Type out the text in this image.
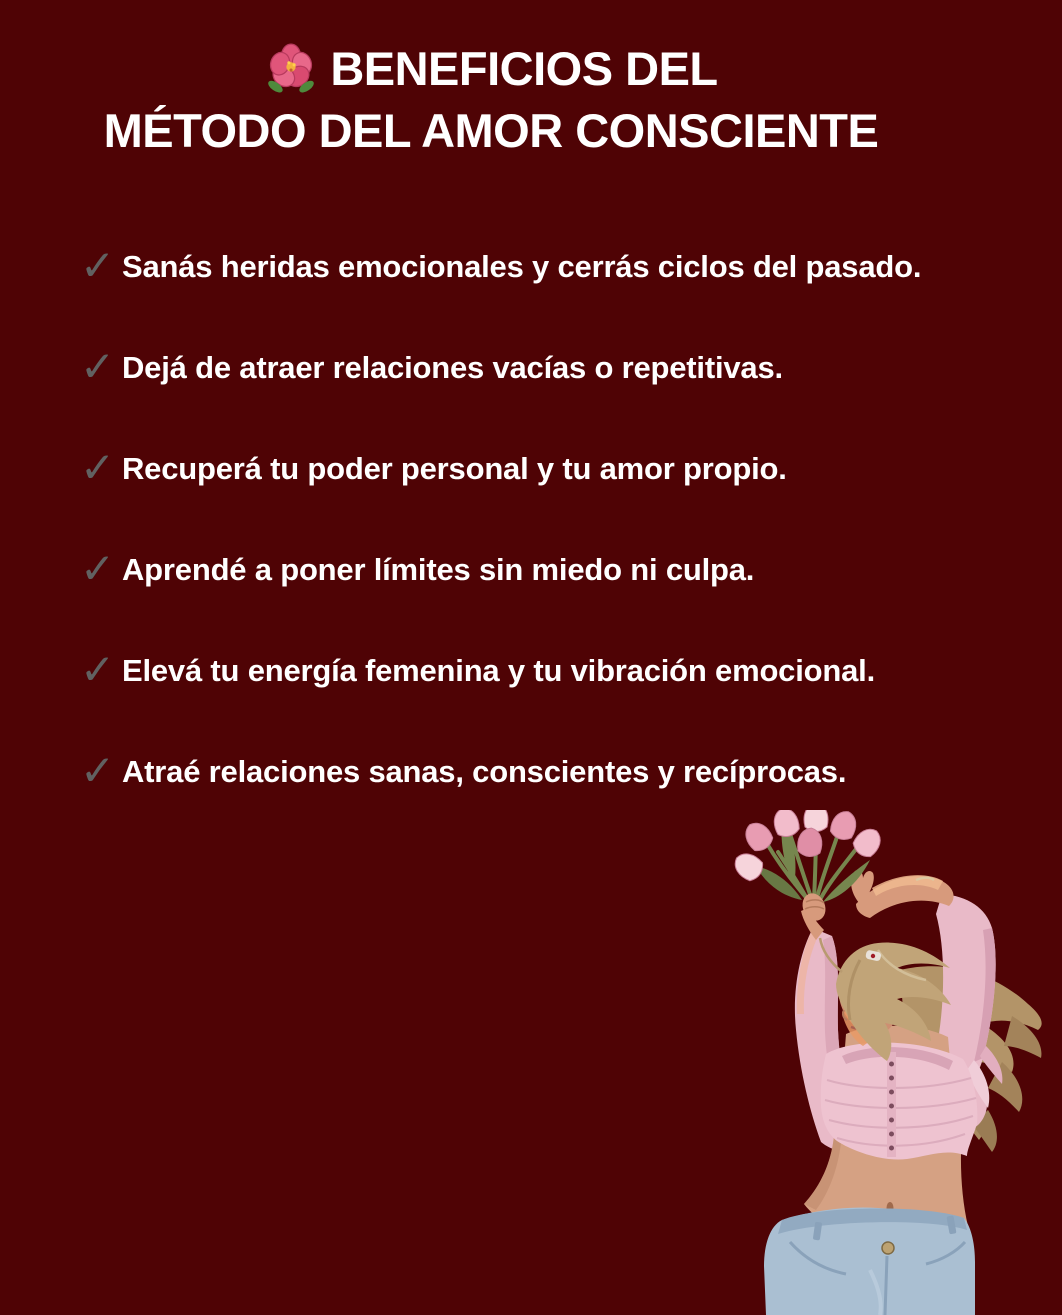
BENEFICIOS DEL
MÉTODO DEL AMOR CONSCIENTE
✓ Sanás heridas emocionales y cerrás ciclos del pasado.
✓ Dejá de atraer relaciones vacías o repetitivas.
✓ Recuperá tu poder personal y tu amor propio.
✓ Aprendé a poner límites sin miedo ni culpa.
✓ Elevá tu energía femenina y tu vibración emocional.
✓ Atraé relaciones sanas, conscientes y recíprocas.
